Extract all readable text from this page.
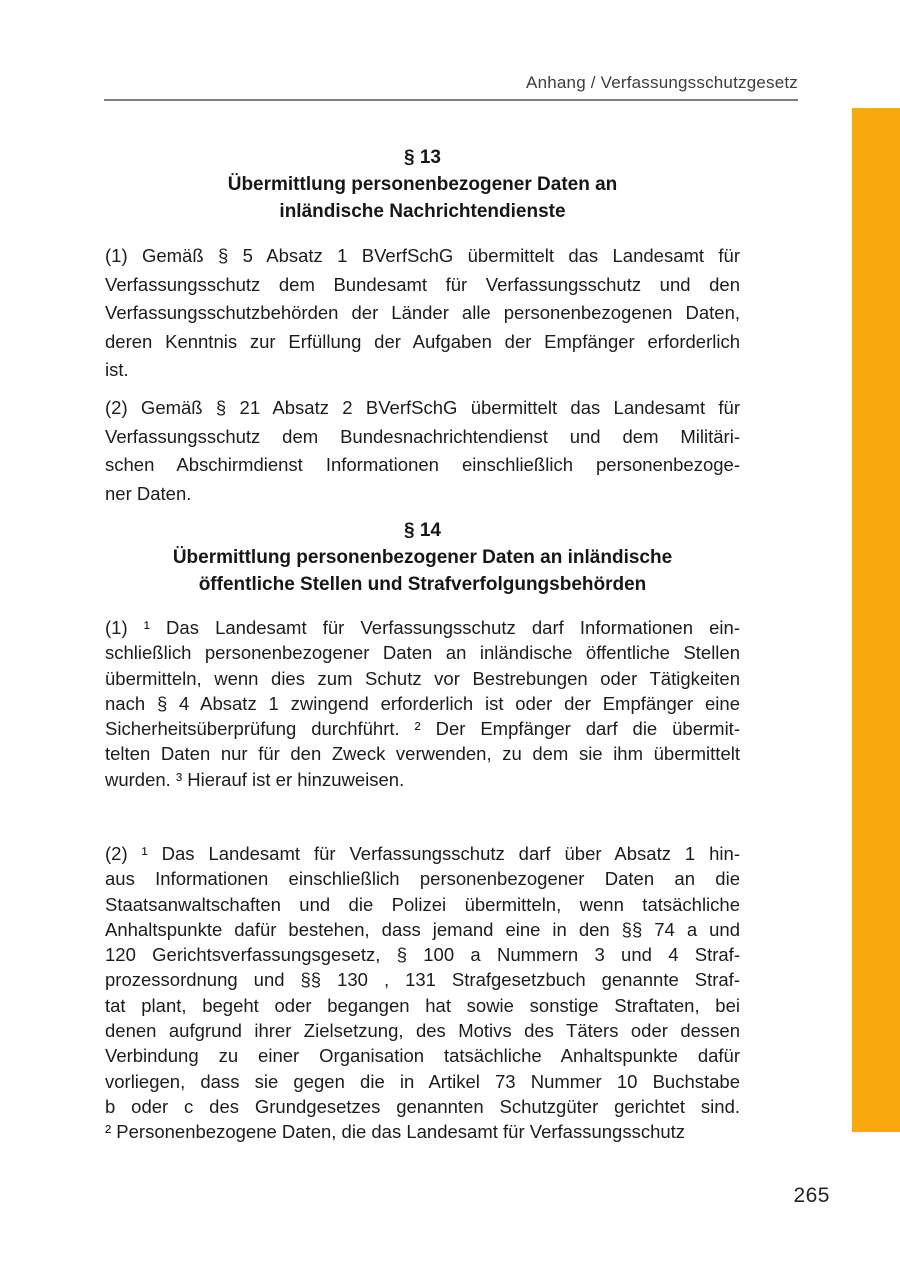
Anhang / Verfassungsschutzgesetz
§ 13
Übermittlung personenbezogener Daten an
inländische Nachrichtendienste
(1) Gemäß § 5 Absatz 1 BVerfSchG übermittelt das Landesamt für
Verfassungsschutz dem Bundesamt für Verfassungsschutz und den
Verfassungsschutzbehörden der Länder alle personenbezogenen Daten,
deren Kenntnis zur Erfüllung der Aufgaben der Empfänger erforderlich
ist.
(2) Gemäß § 21 Absatz 2 BVerfSchG übermittelt das Landesamt für
Verfassungsschutz dem Bundesnachrichtendienst und dem Militäri-
schen Abschirmdienst Informationen einschließlich personenbezoge-
ner Daten.
§ 14
Übermittlung personenbezogener Daten an inländische
öffentliche Stellen und Strafverfolgungsbehörden
(1) ¹ Das Landesamt für Verfassungsschutz darf Informationen ein-
schließlich personenbezogener Daten an inländische öffentliche Stellen
übermitteln, wenn dies zum Schutz vor Bestrebungen oder Tätigkeiten
nach § 4 Absatz 1 zwingend erforderlich ist oder der Empfänger eine
Sicherheitsüberprüfung durchführt. ² Der Empfänger darf die übermit-
telten Daten nur für den Zweck verwenden, zu dem sie ihm übermittelt
wurden. ³ Hierauf ist er hinzuweisen.
(2) ¹ Das Landesamt für Verfassungsschutz darf über Absatz 1 hin-
aus Informationen einschließlich personenbezogener Daten an die
Staatsanwaltschaften und die Polizei übermitteln, wenn tatsächliche
Anhaltspunkte dafür bestehen, dass jemand eine in den §§ 74 a und
120 Gerichtsverfassungsgesetz, § 100 a Nummern 3 und 4 Straf-
prozessordnung und §§ 130 , 131 Strafgesetzbuch genannte Straf-
tat plant, begeht oder begangen hat sowie sonstige Straftaten, bei
denen aufgrund ihrer Zielsetzung, des Motivs des Täters oder dessen
Verbindung zu einer Organisation tatsächliche Anhaltspunkte dafür
vorliegen, dass sie gegen die in Artikel 73 Nummer 10 Buchstabe
b oder c des Grundgesetzes genannten Schutzgüter gerichtet sind.
² Personenbezogene Daten, die das Landesamt für Verfassungsschutz
265
